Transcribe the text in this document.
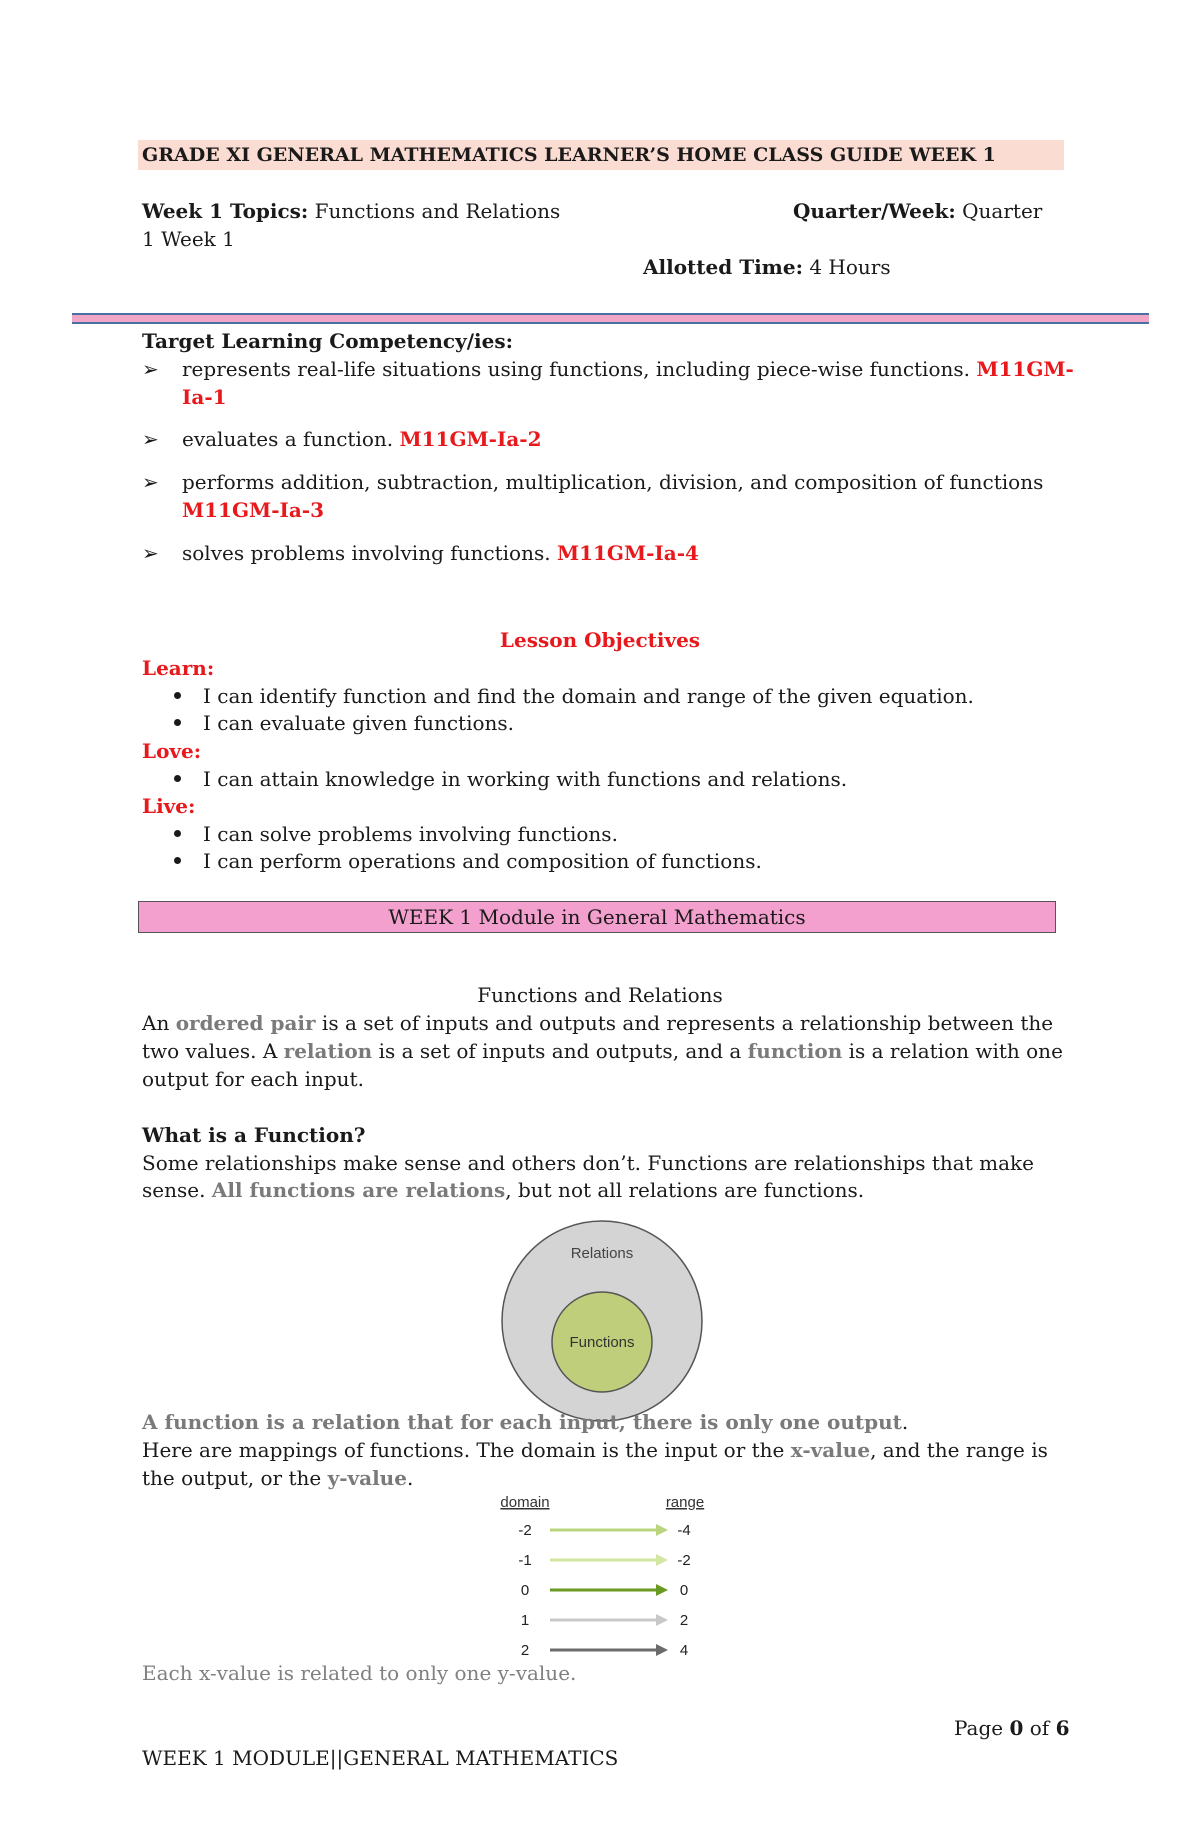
GRADE XI GENERAL MATHEMATICS LEARNER’S HOME CLASS GUIDE WEEK 1
Week 1 Topics: Functions and Relations	Quarter/Week: Quarter
1 Week 1
Allotted Time: 4 Hours
Target Learning Competency/ies:
➢ represents real-life situations using functions, including piece-wise functions. M11GM-
Ia-1
➢ evaluates a function. M11GM-Ia-2
➢ performs addition, subtraction, multiplication, division, and composition of functions
M11GM-Ia-3
➢ solves problems involving functions. M11GM-Ia-4
Lesson Objectives
Learn:
I can identify function and find the domain and range of the given equation.
I can evaluate given functions.
Love:
I can attain knowledge in working with functions and relations.
Live:
I can solve problems involving functions.
I can perform operations and composition of functions.
WEEK 1 Module in General Mathematics
Functions and Relations
An ordered pair is a set of inputs and outputs and represents a relationship between the
two values. A relation is a set of inputs and outputs, and a function is a relation with one
output for each input.
What is a Function?
Some relationships make sense and others don’t. Functions are relationships that make
sense. All functions are relations, but not all relations are functions.
Relations
Functions
A function is a relation that for each input, there is only one output.
Here are mappings of functions. The domain is the input or the x-value, and the range is
the output, or the y-value.
domain	range
-2	-4
-1	-2
0	0
1	2
2	4
Each x-value is related to only one y-value.
Page 0 of 6
WEEK 1 MODULE||GENERAL MATHEMATICS
